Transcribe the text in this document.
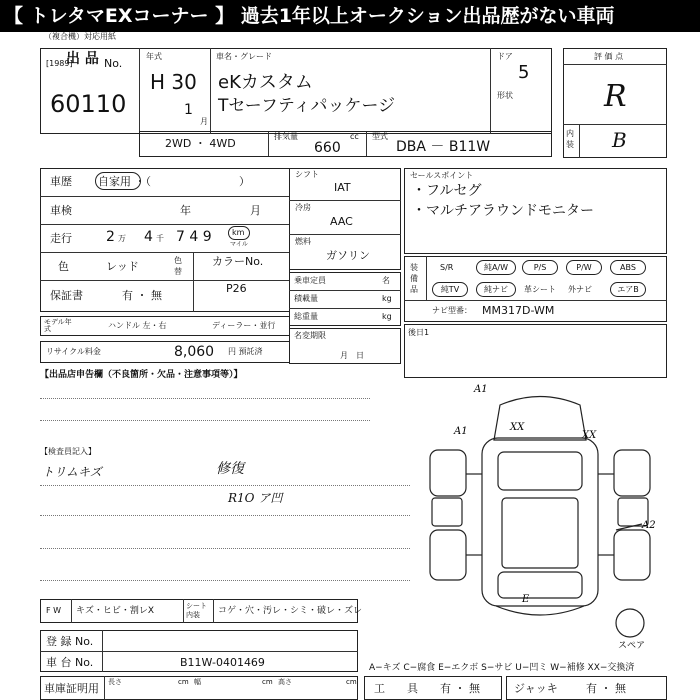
【 トレタマEXコーナー 】 過去1年以上オークション出品歴がない車両
（複合機）対応用紙
[1989]
出 品 No.
60110
年式
H 30
1
月
車名・グレード
eKカスタム
Tセーフティパッケージ
ドア
5
形状
2WD ・ 4WD
排気量	cc
660
型式
DBA － B11W
評 価 点
R
内装 B
車歴 自家用 ・（　　　　　　　　）
車検	年	月
走行 2 万 4 千 7 4 9	km
マイル
色	レッド	色替
カラーNo.
P26
保証書	有 ・ 無
モデル年式	ハンドル 左・右	ディーラー・並行
リサイクル料金	8,060 円 預託済
シフト
IAT
冷房
AAC
燃料
ガソリン
乗車定員	名
積載量	kg
総重量	kg
名変期限
月　日
セールスポイント
・フルセグ
・マルチアラウンドモニター
装備品
S/R	純A/W	P/S	P/W	ABS
純TV	純ナビ	革シート 外ナビ	エアB
ナビ型番： MM317D-WM
後日1
【出品店申告欄（不良箇所・欠品・注意事項等）】
【検査員記入】
トリムキズ	修復
R1O ア凹
A1
A1	XX
XX
A2
E
スペア
F W キズ・ヒビ・割レX	シート内装	コゲ・穴・汚レ・シミ・破レ・ズレ
登 録 No.
車 台 No.	B11W-0401469	A−キズ C−腐食 E−エクボ S−サビ U−凹ミ W−補修 XX−交換済
車庫証明用 長さ	cm 幅	cm 高さ	cm 工　　具 有 ・ 無	ジャッキ	有 ・ 無
